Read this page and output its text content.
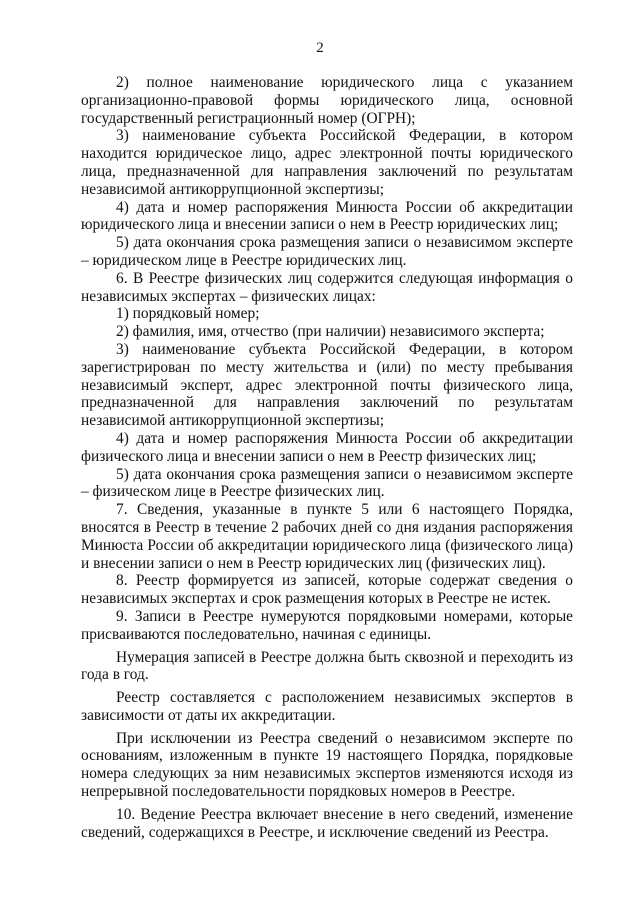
2

2) полное наименование юридического лица с указанием организационно-правовой формы юридического лица, основной государственный регистрационный номер (ОГРН);

3) наименование субъекта Российской Федерации, в котором находится юридическое лицо, адрес электронной почты юридического лица, предназначенной для направления заключений по результатам независимой антикоррупционной экспертизы;

4) дата и номер распоряжения Минюста России об аккредитации юридического лица и внесении записи о нем в Реестр юридических лиц;

5) дата окончания срока размещения записи о независимом эксперте – юридическом лице в Реестре юридических лиц.

6. В Реестре физических лиц содержится следующая информация о независимых экспертах – физических лицах:

1) порядковый номер;

2) фамилия, имя, отчество (при наличии) независимого эксперта;

3) наименование субъекта Российской Федерации, в котором зарегистрирован по месту жительства и (или) по месту пребывания независимый эксперт, адрес электронной почты физического лица, предназначенной для направления заключений по результатам независимой антикоррупционной экспертизы;

4) дата и номер распоряжения Минюста России об аккредитации физического лица и внесении записи о нем в Реестр физических лиц;

5) дата окончания срока размещения записи о независимом эксперте – физическом лице в Реестре физических лиц.

7. Сведения, указанные в пункте 5 или 6 настоящего Порядка, вносятся в Реестр в течение 2 рабочих дней со дня издания распоряжения Минюста России об аккредитации юридического лица (физического лица) и внесении записи о нем в Реестр юридических лиц (физических лиц).

8. Реестр формируется из записей, которые содержат сведения о независимых экспертах и срок размещения которых в Реестре не истек.

9. Записи в Реестре нумеруются порядковыми номерами, которые присваиваются последовательно, начиная с единицы.

Нумерация записей в Реестре должна быть сквозной и переходить из года в год.

Реестр составляется с расположением независимых экспертов в зависимости от даты их аккредитации.

При исключении из Реестра сведений о независимом эксперте по основаниям, изложенным в пункте 19 настоящего Порядка, порядковые номера следующих за ним независимых экспертов изменяются исходя из непрерывной последовательности порядковых номеров в Реестре.

10. Ведение Реестра включает внесение в него сведений, изменение сведений, содержащихся в Реестре, и исключение сведений из Реестра.
